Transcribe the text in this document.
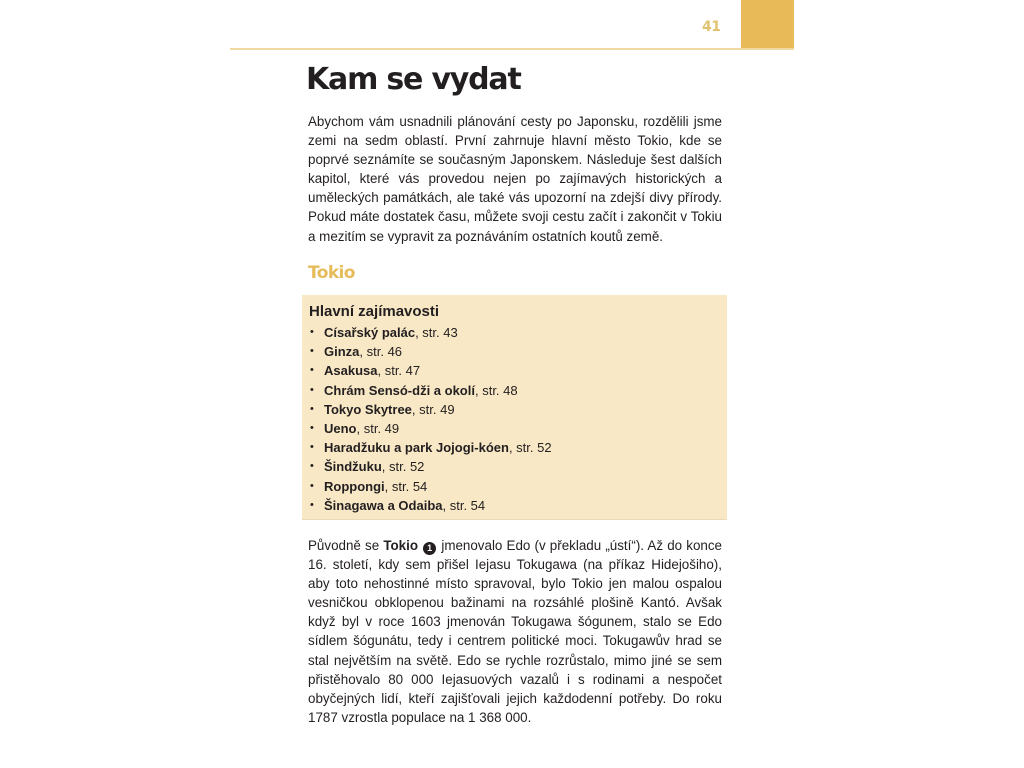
41
Kam se vydat

Abychom vám usnadnili plánování cesty po Japonsku, rozdělili jsme zemi na sedm oblastí. První zahrnuje hlavní město Tokio, kde se poprvé seznámíte se současným Japonskem. Následuje šest dalších kapitol, které vás provedou nejen po zajímavých historických a uměleckých památkách, ale také vás upozorní na zdejší divy přírody. Pokud máte dostatek času, můžete svoji cestu začít i zakončit v Tokiu a mezitím se vypravit za poznáváním ostatních koutů země.

Tokio
Hlavní zajímavosti
• Císařský palác, str. 43
• Ginza, str. 46
• Asakusa, str. 47
• Chrám Sensó-dži a okolí, str. 48
• Tokyo Skytree, str. 49
• Ueno, str. 49
• Haradžuku a park Jojogi-kóen, str. 52
• Šindžuku, str. 52
• Roppongi, str. 54
• Šinagawa a Odaiba, str. 54

Původně se Tokio 1 jmenovalo Edo (v překladu „ústí“). Až do konce 16. století, kdy sem přišel Iejasu Tokugawa (na příkaz Hidejošiho), aby toto nehostinné místo spravoval, bylo Tokio jen malou ospalou vesničkou obklopenou bažinami na rozsáhlé plošině Kantó. Avšak když byl v roce 1603 jmenován Tokugawa šógunem, stalo se Edo sídlem šógunátu, tedy i centrem politické moci. Tokugawův hrad se stal největším na světě. Edo se rychle rozrůstalo, mimo jiné se sem přistěhovalo 80 000 Iejasuových vazalů i s rodinami a nespočet obyčejných lidí, kteří zajišťovali jejich každodenní potřeby. Do roku 1787 vzrostla populace na 1 368 000.
